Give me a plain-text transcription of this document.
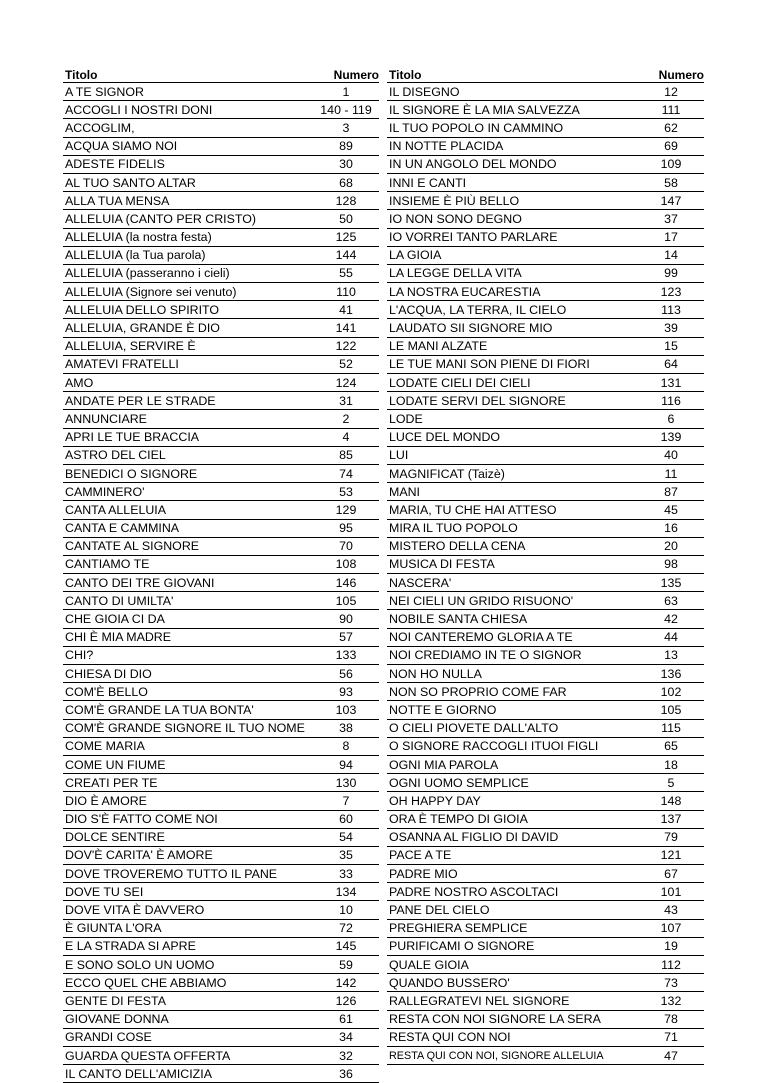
Titolo	Numero
A TE SIGNOR	1
ACCOGLI I NOSTRI DONI	140 - 119
ACCOGLIM,	3
ACQUA SIAMO NOI	89
ADESTE FIDELIS	30
AL TUO SANTO ALTAR	68
ALLA TUA MENSA	128
ALLELUIA (CANTO PER CRISTO)	50
ALLELUIA (la nostra festa)	125
ALLELUIA (la Tua parola)	144
ALLELUIA (passeranno i cieli)	55
ALLELUIA (Signore sei venuto)	110
ALLELUIA DELLO SPIRITO	41
ALLELUIA, GRANDE È DIO	141
ALLELUIA, SERVIRE È	122
AMATEVI FRATELLI	52
AMO	124
ANDATE PER LE STRADE	31
ANNUNCIARE	2
APRI LE TUE BRACCIA	4
ASTRO DEL CIEL	85
BENEDICI O SIGNORE	74
CAMMINERO'	53
CANTA ALLELUIA	129
CANTA E CAMMINA	95
CANTATE AL SIGNORE	70
CANTIAMO TE	108
CANTO DEI TRE GIOVANI	146
CANTO DI UMILTA'	105
CHE GIOIA CI DA	90
CHI È MIA MADRE	57
CHI?	133
CHIESA DI DIO	56
COM'È BELLO	93
COM'È GRANDE LA TUA BONTA'	103
COM'È GRANDE SIGNORE IL TUO NOME	38
COME MARIA	8
COME UN FIUME	94
CREATI PER TE	130
DIO È AMORE	7
DIO S'È FATTO COME NOI	60
DOLCE SENTIRE	54
DOV'È CARITA' È AMORE	35
DOVE TROVEREMO TUTTO IL PANE	33
DOVE TU SEI	134
DOVE VITA È DAVVERO	10
È GIUNTA L'ORA	72
E LA STRADA SI APRE	145
E SONO SOLO UN UOMO	59
ECCO QUEL CHE ABBIAMO	142
GENTE DI FESTA	126
GIOVANE DONNA	61
GRANDI COSE	34
GUARDA QUESTA OFFERTA	32
IL CANTO DELL'AMICIZIA	36
Titolo	Numero
IL DISEGNO	12
IL SIGNORE È LA MIA SALVEZZA	111
IL TUO POPOLO IN CAMMINO	62
IN NOTTE PLACIDA	69
IN UN ANGOLO DEL MONDO	109
INNI E CANTI	58
INSIEME È PIÙ BELLO	147
IO NON SONO DEGNO	37
IO VORREI TANTO PARLARE	17
LA GIOIA	14
LA LEGGE DELLA VITA	99
LA NOSTRA EUCARESTIA	123
L'ACQUA, LA TERRA, IL CIELO	113
LAUDATO SII SIGNORE MIO	39
LE MANI ALZATE	15
LE TUE MANI SON PIENE DI FIORI	64
LODATE CIELI DEI CIELI	131
LODATE SERVI DEL SIGNORE	116
LODE	6
LUCE DEL MONDO	139
LUI	40
MAGNIFICAT (Taizè)	11
MANI	87
MARIA, TU CHE HAI ATTESO	45
MIRA IL TUO POPOLO	16
MISTERO DELLA CENA	20
MUSICA DI FESTA	98
NASCERA'	135
NEI CIELI UN GRIDO RISUONO'	63
NOBILE SANTA CHIESA	42
NOI CANTEREMO GLORIA A TE	44
NOI CREDIAMO IN TE O SIGNOR	13
NON HO NULLA	136
NON SO PROPRIO COME FAR	102
NOTTE E GIORNO	105
O CIELI PIOVETE DALL'ALTO	115
O SIGNORE RACCOGLI ITUOI FIGLI	65
OGNI MIA PAROLA	18
OGNI UOMO SEMPLICE	5
OH HAPPY DAY	148
ORA È TEMPO DI GIOIA	137
OSANNA AL FIGLIO DI DAVID	79
PACE A TE	121
PADRE MIO	67
PADRE NOSTRO ASCOLTACI	101
PANE DEL CIELO	43
PREGHIERA SEMPLICE	107
PURIFICAMI O SIGNORE	19
QUALE GIOIA	112
QUANDO BUSSERO'	73
RALLEGRATEVI NEL SIGNORE	132
RESTA CON NOI SIGNORE LA SERA	78
RESTA QUI CON NOI	71
RESTA QUI CON NOI, SIGNORE ALLELUIA	47
